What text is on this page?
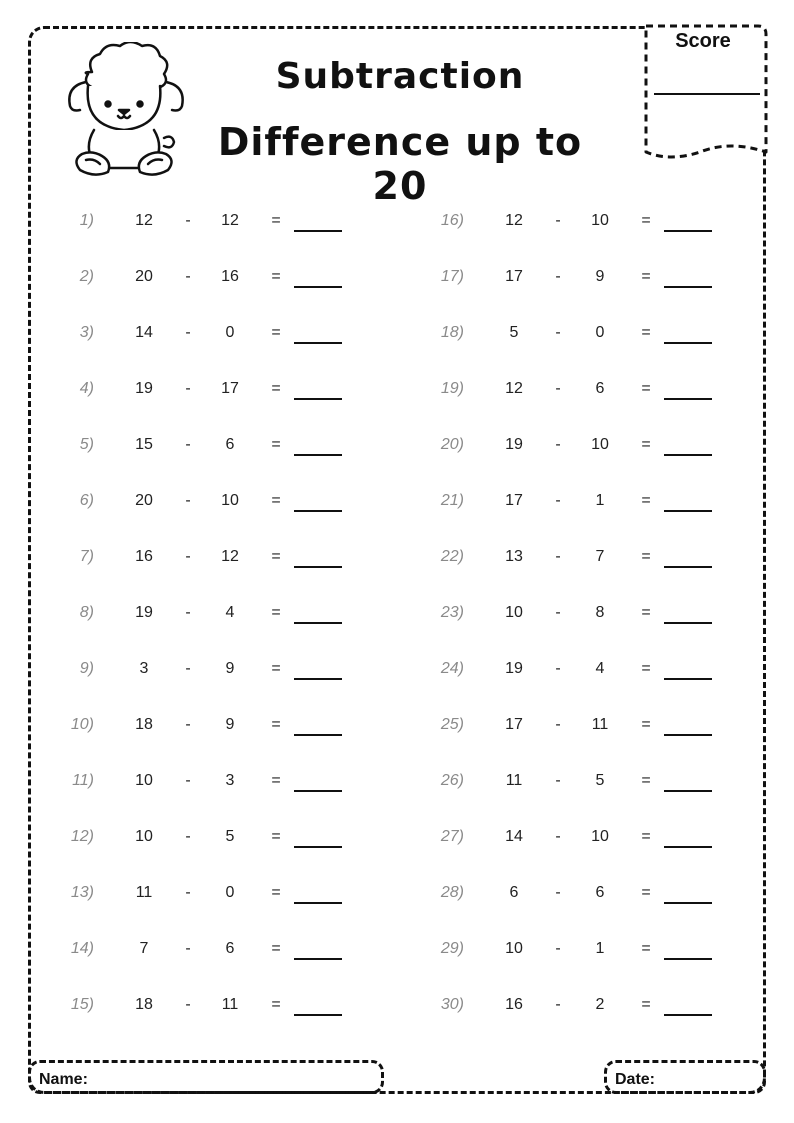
Subtraction
Difference up to 20
Score
1)	12	-	12	=
2)	20	-	16	=
3)	14	-	0	=
4)	19	-	17	=
5)	15	-	6	=
6)	20	-	10	=
7)	16	-	12	=
8)	19	-	4	=
9)	3	-	9	=
10)	18	-	9	=
11)	10	-	3	=
12)	10	-	5	=
13)	11	-	0	=
14)	7	-	6	=
15)	18	-	11	=
16)	12	-	10	=
17)	17	-	9	=
18)	5	-	0	=
19)	12	-	6	=
20)	19	-	10	=
21)	17	-	1	=
22)	13	-	7	=
23)	10	-	8	=
24)	19	-	4	=
25)	17	-	11	=
26)	11	-	5	=
27)	14	-	10	=
28)	6	-	6	=
29)	10	-	1	=
30)	16	-	2	=
Name:	Date:
